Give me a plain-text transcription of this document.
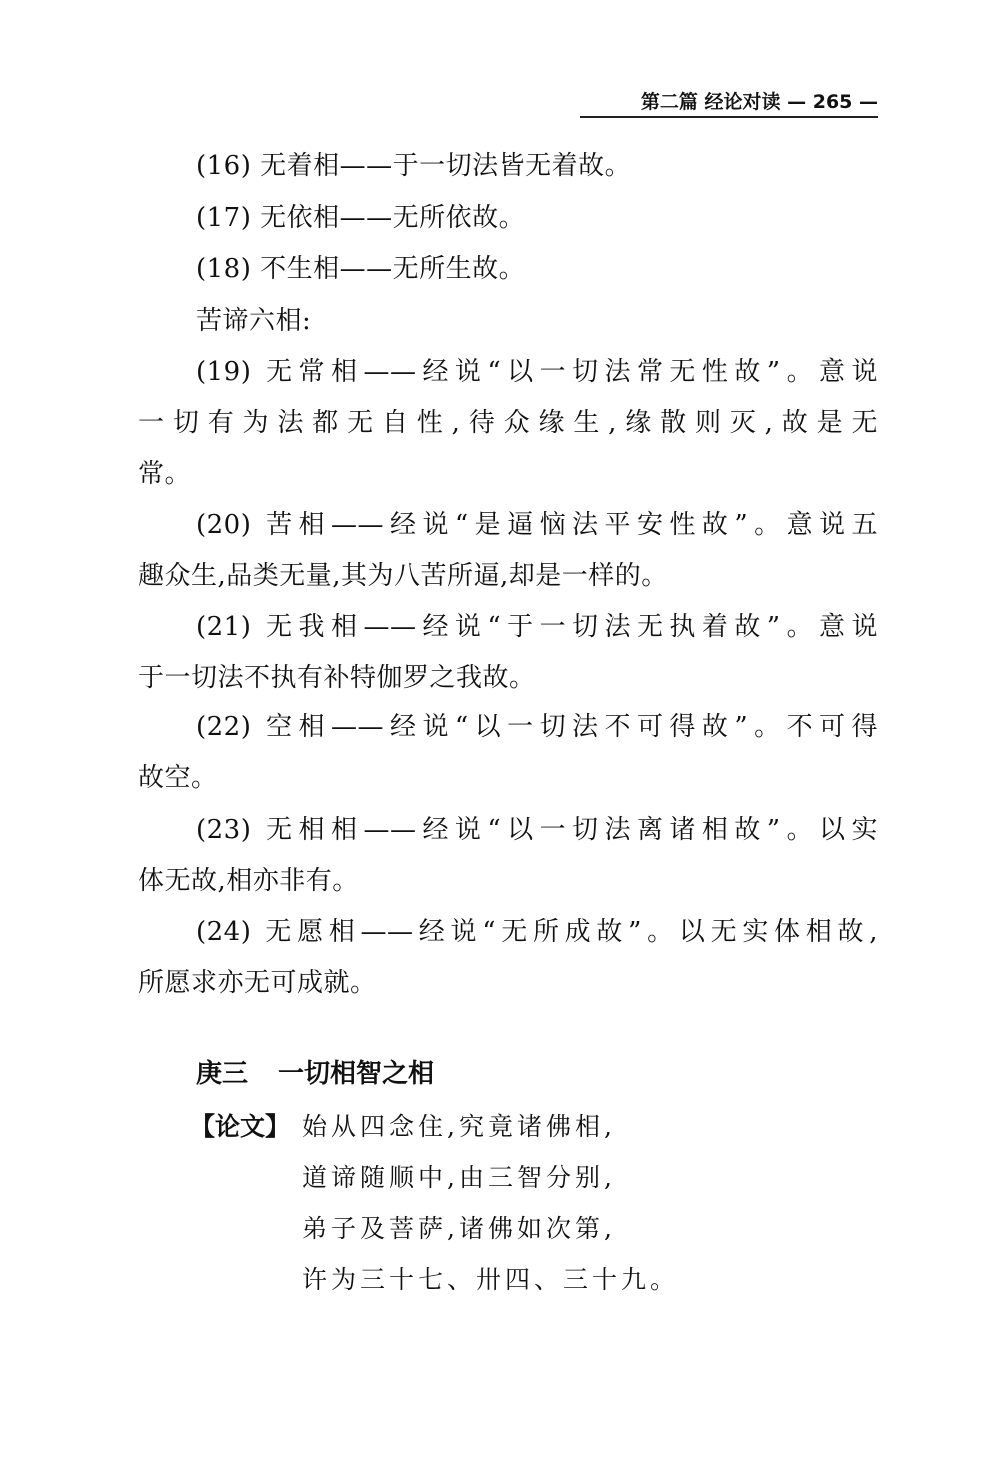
第二篇 经论对读 — 265 —
(16) 无着相——于一切法皆无着故。
(17) 无依相——无所依故。
(18) 不生相——无所生故。
苦谛六相:
(19) 无常相——经说“以一切法常无性故”。意说
一切有为法都无自性,待众缘生,缘散则灭,故是无
常。
(20) 苦相——经说“是逼恼法平安性故”。意说五
趣众生,品类无量,其为八苦所逼,却是一样的。
(21) 无我相——经说“于一切法无执着故”。意说
于一切法不执有补特伽罗之我故。
(22) 空相——经说“以一切法不可得故”。不可得
故空。
(23) 无相相——经说“以一切法离诸相故”。以实
体无故,相亦非有。
(24) 无愿相——经说“无所成故”。以无实体相故,
所愿求亦无可成就。
庚三 一切相智之相
【论文】 始从四念住,究竟诸佛相,
道谛随顺中,由三智分别,
弟子及菩萨,诸佛如次第,
许为三十七、卅四、三十九。
